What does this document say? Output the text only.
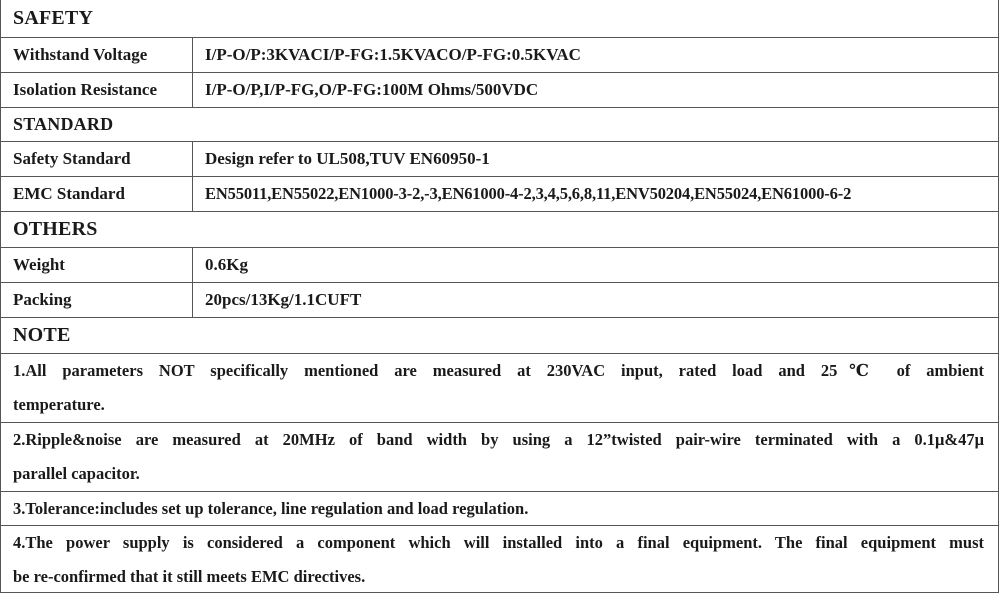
SAFETY
Withstand Voltage	I/P-O/P:3KVACI/P-FG:1.5KVACO/P-FG:0.5KVAC
Isolation Resistance	I/P-O/P,I/P-FG,O/P-FG:100M Ohms/500VDC
STANDARD
Safety Standard	Design refer to UL508,TUV EN60950-1
EMC Standard	EN55011,EN55022,EN1000-3-2,-3,EN61000-4-2,3,4,5,6,8,11,ENV50204,EN55024,EN61000-6-2
OTHERS
Weight	0.6Kg
Packing	20pcs/13Kg/1.1CUFT
NOTE
1.All parameters NOT specifically mentioned are measured at 230VAC input, rated load and 25℃ of ambient
temperature.
2.Ripple&noise are measured at 20MHz of band width by using a 12”twisted pair-wire terminated with a 0.1μ&47μ
parallel capacitor.
3.Tolerance:includes set up tolerance, line regulation and load regulation.
4.The power supply is considered a component which will installed into a final equipment. The final equipment must
be re-confirmed that it still meets EMC directives.
